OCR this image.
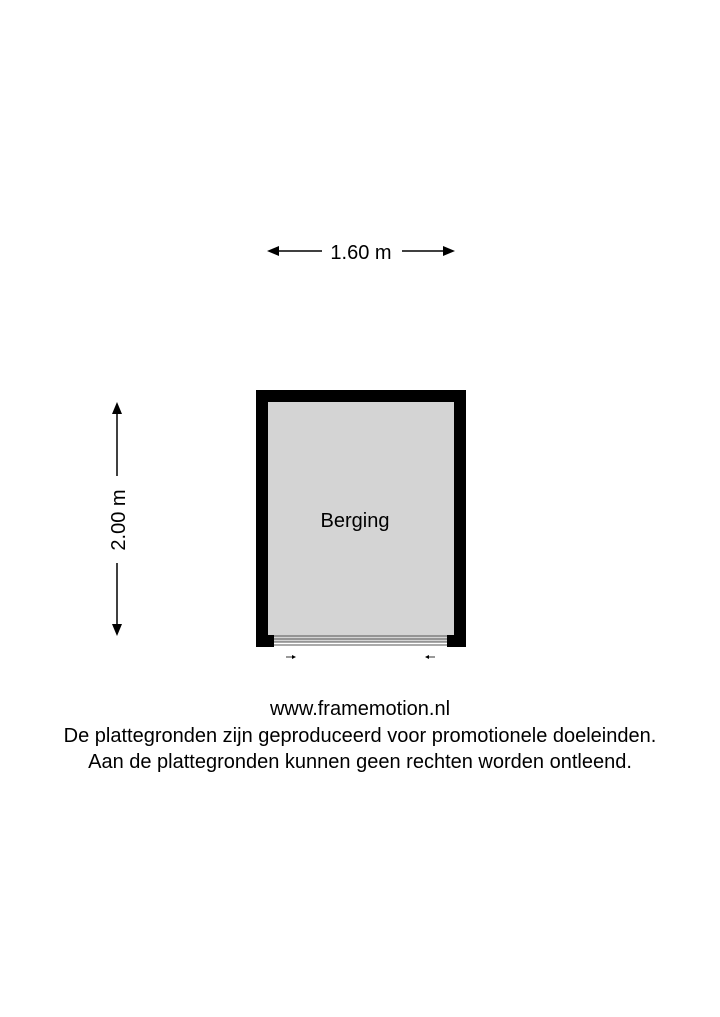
1.60 m
2.00 m	Berging
www.framemotion.nl
De plattegronden zijn geproduceerd voor promotionele doeleinden.
Aan de plattegronden kunnen geen rechten worden ontleend.
